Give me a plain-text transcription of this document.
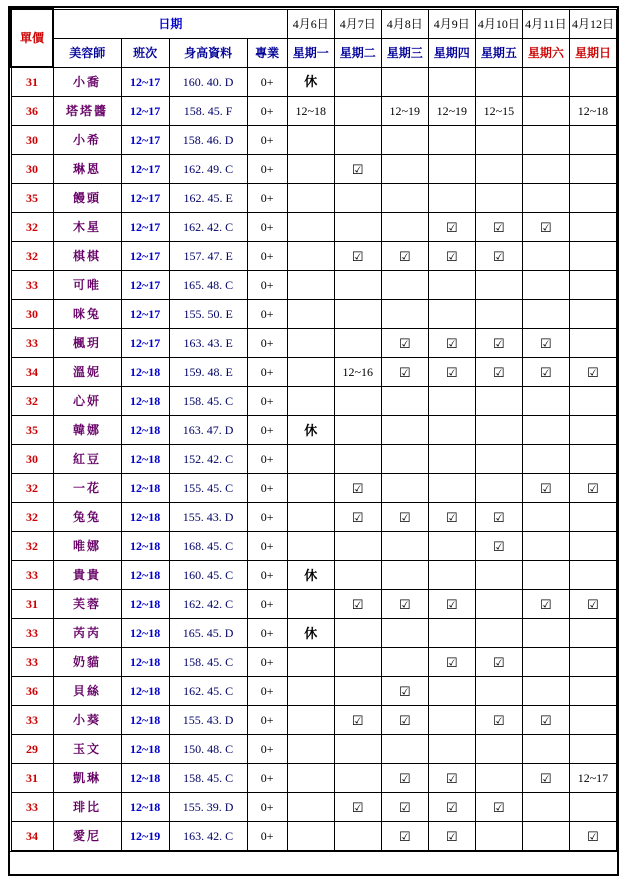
單價	日期				4月6日	4月7日	4月8日	4月9日	4月10日	4月11日	4月12日
	美容師	班次	身高資料	專業	星期一	星期二	星期三	星期四	星期五	星期六	星期日
31	小喬	12~17	160. 40. D	0+	休						
36	塔塔醬	12~17	158. 45. F	0+	12~18		12~19	12~19	12~15		12~18
30	小希	12~17	158. 46. D	0+							
30	琳恩	12~17	162. 49. C	0+		☑					
35	饅頭	12~17	162. 45. E	0+							
32	木星	12~17	162. 42. C	0+				☑	☑	☑	
32	棋棋	12~17	157. 47. E	0+		☑	☑	☑	☑		
33	可唯	12~17	165. 48. C	0+							
30	咪兔	12~17	155. 50. E	0+							
33	楓玥	12~17	163. 43. E	0+			☑	☑	☑	☑	
34	溫妮	12~18	159. 48. E	0+		12~16	☑	☑	☑	☑	☑
32	心妍	12~18	158. 45. C	0+							
35	韓娜	12~18	163. 47. D	0+	休						
30	紅豆	12~18	152. 42. C	0+							
32	一花	12~18	155. 45. C	0+		☑				☑	☑
32	兔兔	12~18	155. 43. D	0+		☑	☑	☑	☑		
32	唯娜	12~18	168. 45. C	0+					☑		
33	貴貴	12~18	160. 45. C	0+	休						
31	芙蓉	12~18	162. 42. C	0+		☑	☑	☑		☑	☑
33	芮芮	12~18	165. 45. D	0+	休						
33	奶貓	12~18	158. 45. C	0+				☑	☑		
36	貝絲	12~18	162. 45. C	0+			☑				
33	小葵	12~18	155. 43. D	0+		☑	☑		☑	☑	
29	玉文	12~18	150. 48. C	0+							
31	凱琳	12~18	158. 45. C	0+			☑	☑		☑	12~17
33	琲比	12~18	155. 39. D	0+		☑	☑	☑	☑		
34	愛尼	12~19	163. 42. C	0+			☑	☑			☑
